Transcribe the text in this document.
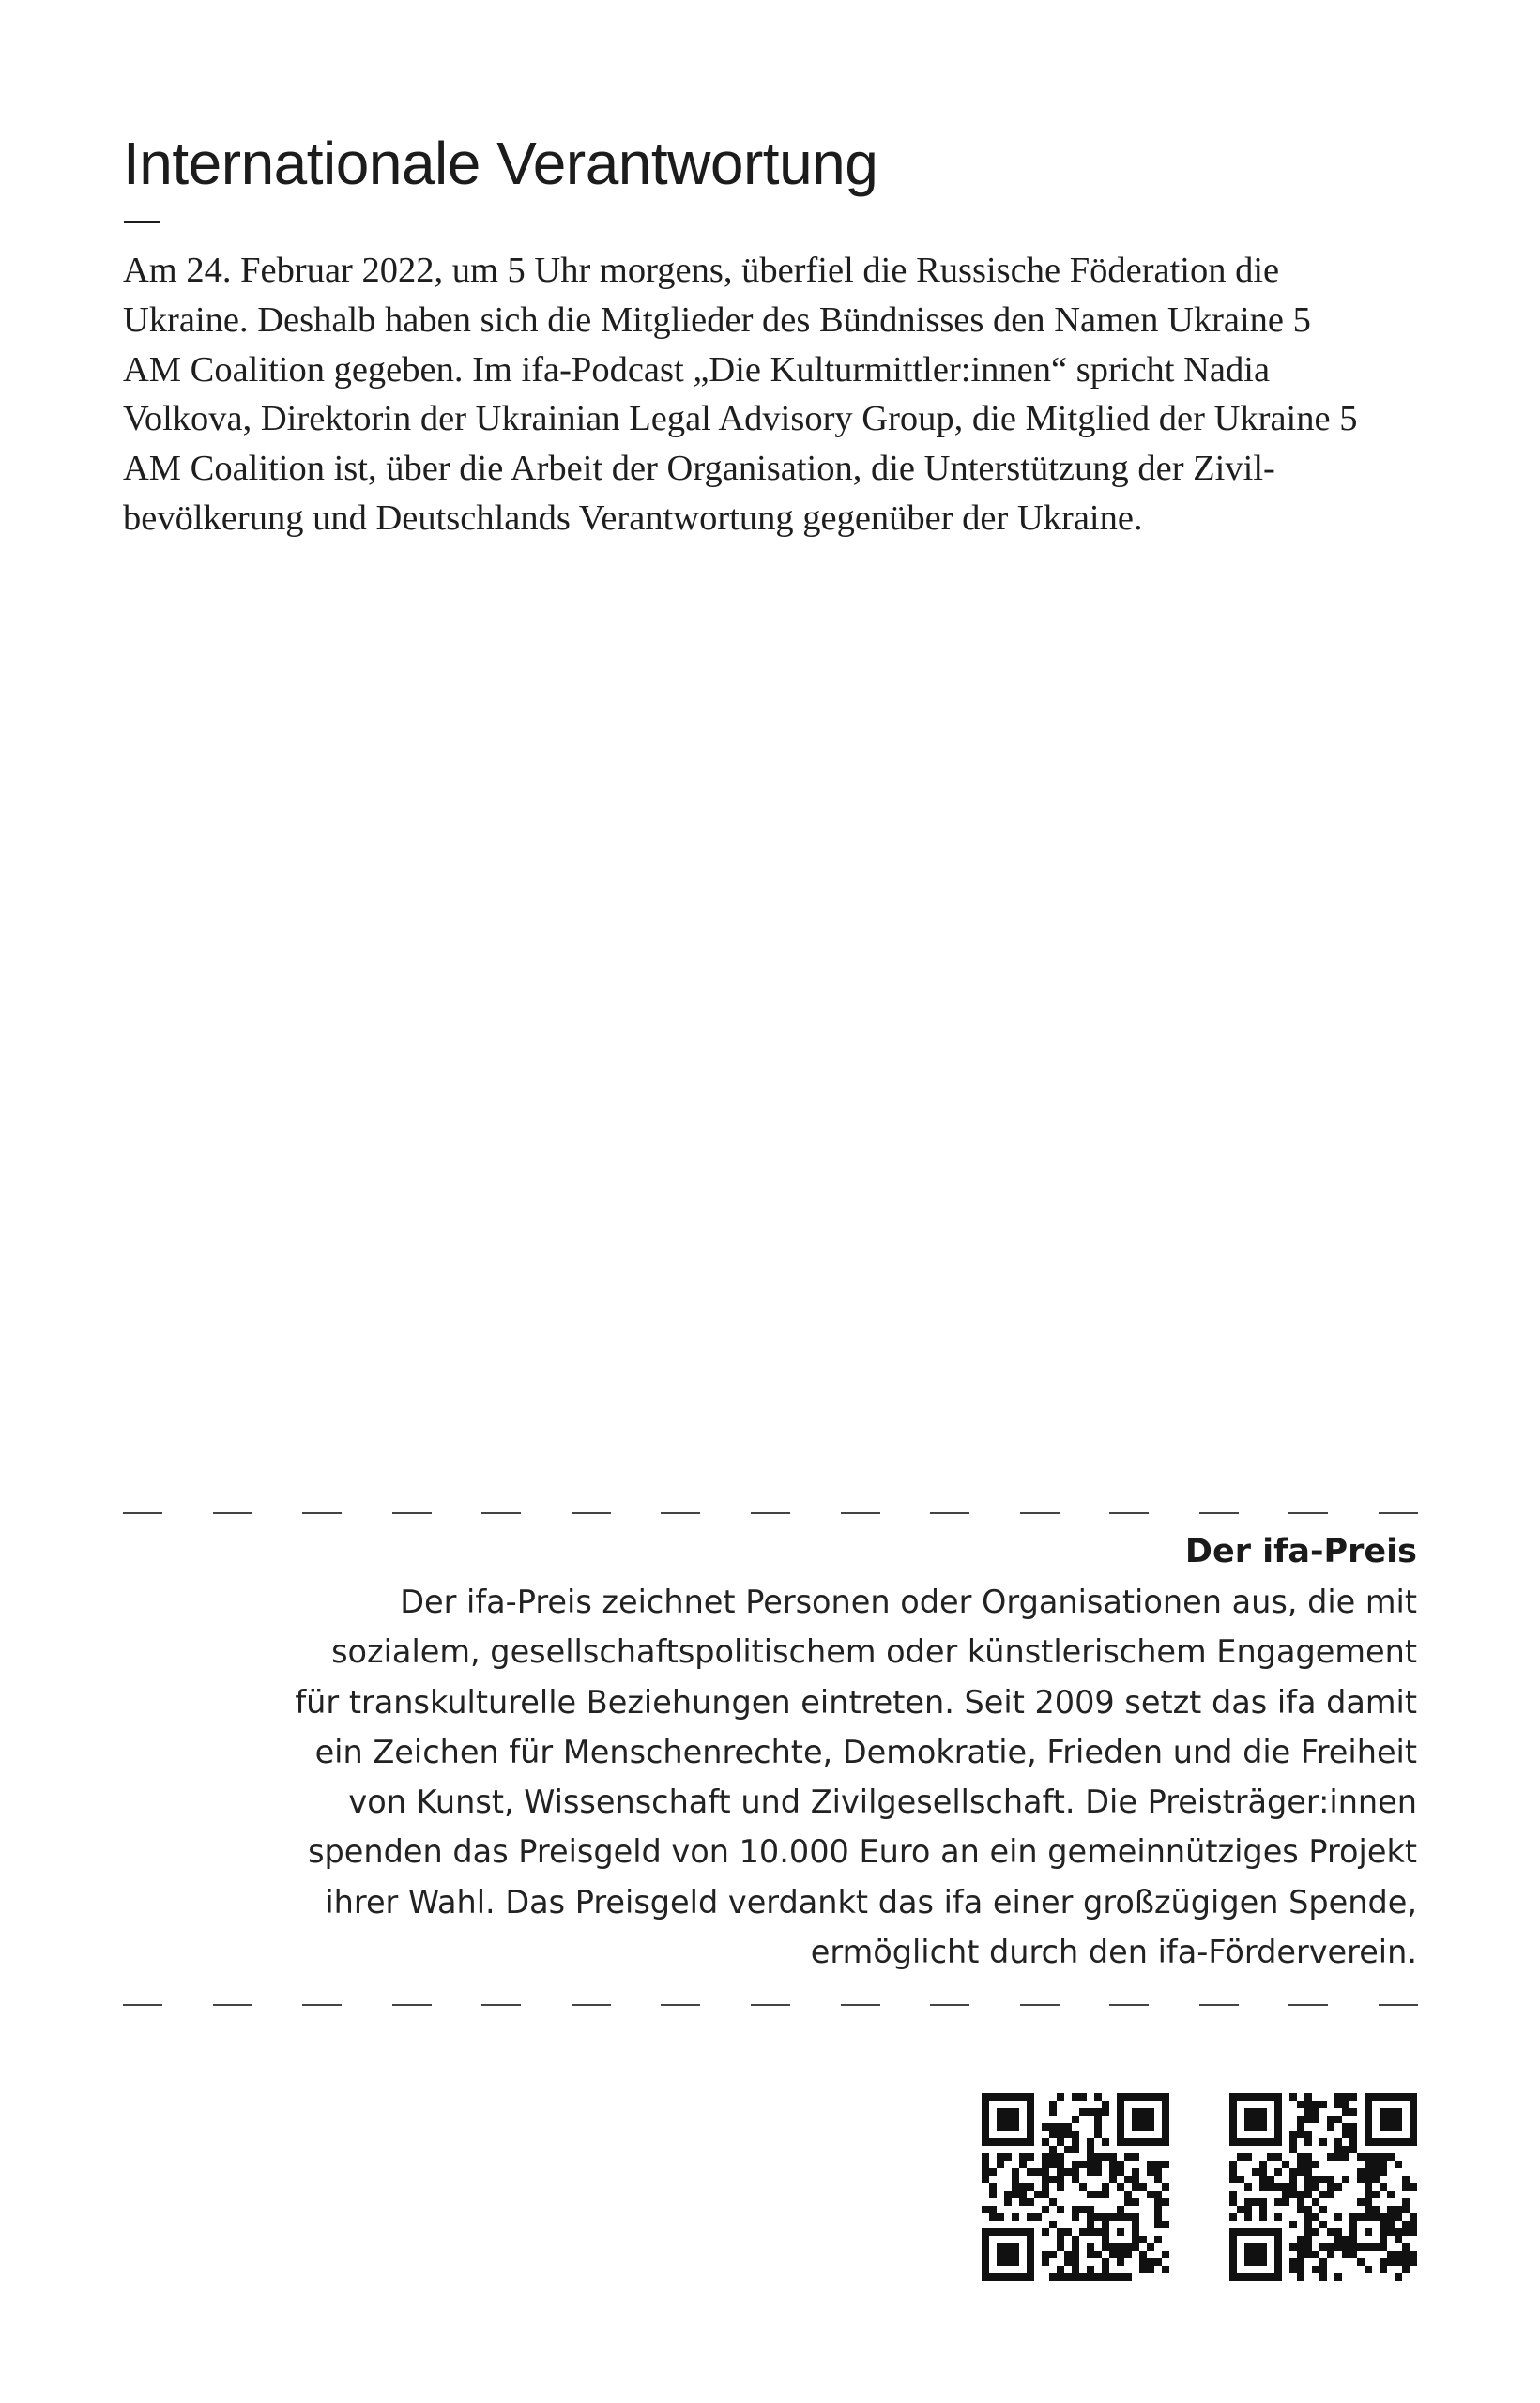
Internationale Verantwortung

Am 24. Februar 2022, um 5 Uhr morgens, überfiel die Russische Föderation die
Ukraine. Deshalb haben sich die Mitglieder des Bündnisses den Namen Ukraine 5
AM Coalition gegeben. Im ifa-Podcast „Die Kulturmittler:innen“ spricht Nadia
Volkova, Direktorin der Ukrainian Legal Advisory Group, die Mitglied der Ukraine 5
AM Coalition ist, über die Arbeit der Organisation, die Unterstützung der Zivil-
bevölkerung und Deutschlands Verantwortung gegenüber der Ukraine.

Der ifa-Preis

Der ifa-Preis zeichnet Personen oder Organisationen aus, die mit
sozialem, gesellschaftspolitischem oder künstlerischem Engagement
für transkulturelle Beziehungen eintreten. Seit 2009 setzt das ifa damit
ein Zeichen für Menschenrechte, Demokratie, Frieden und die Freiheit
von Kunst, Wissenschaft und Zivilgesellschaft. Die Preisträger:innen
spenden das Preisgeld von 10.000 Euro an ein gemeinnütziges Projekt
ihrer Wahl. Das Preisgeld verdankt das ifa einer großzügigen Spende,
ermöglicht durch den ifa-Förderverein.
